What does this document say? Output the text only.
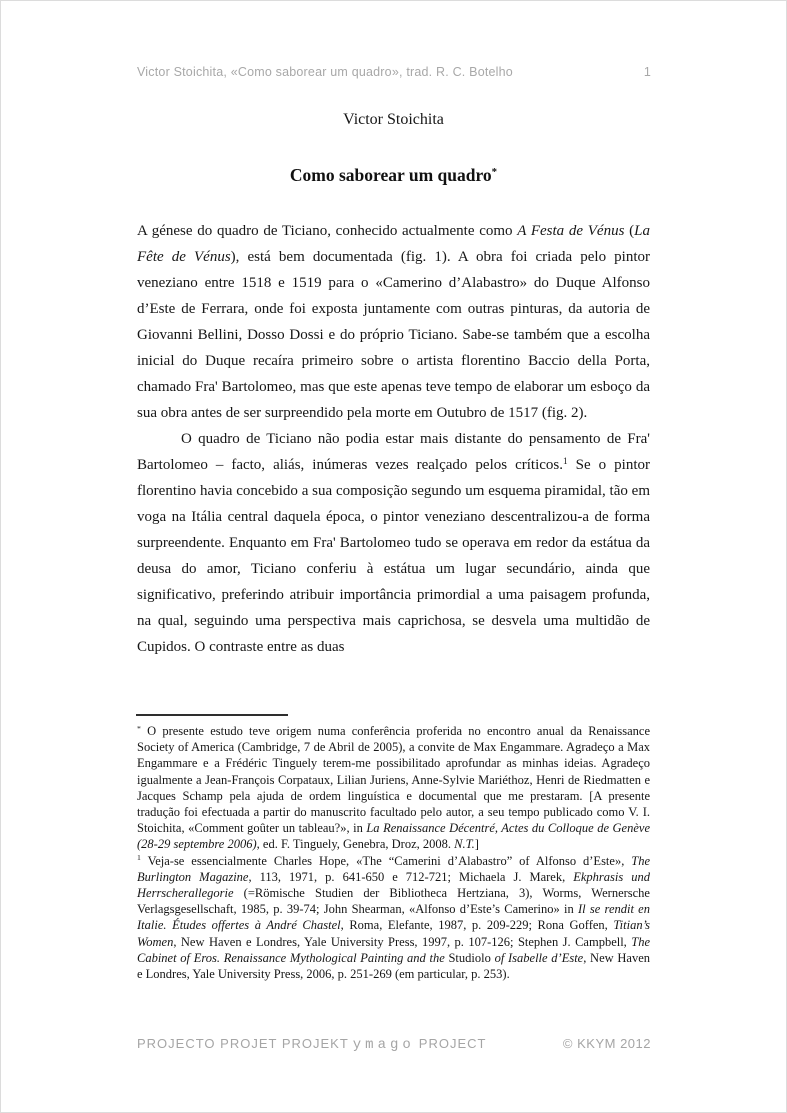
Victor Stoichita, «Como saborear um quadro», trad. R. C. Botelho	1
Victor Stoichita
Como saborear um quadro*

A génese do quadro de Ticiano, conhecido actualmente como A Festa de Vénus (La Fête de Vénus), está bem documentada (fig. 1). A obra foi criada pelo pintor veneziano entre 1518 e 1519 para o «Camerino d’Alabastro» do Duque Alfonso d’Este de Ferrara, onde foi exposta juntamente com outras pinturas, da autoria de Giovanni Bellini, Dosso Dossi e do próprio Ticiano. Sabe-se também que a escolha inicial do Duque recaíra primeiro sobre o artista florentino Baccio della Porta, chamado Fra' Bartolomeo, mas que este apenas teve tempo de elaborar um esboço da sua obra antes de ser surpreendido pela morte em Outubro de 1517 (fig. 2).

O quadro de Ticiano não podia estar mais distante do pensamento de Fra' Bartolomeo – facto, aliás, inúmeras vezes realçado pelos críticos.$^1$ Se o pintor florentino havia concebido a sua composição segundo um esquema piramidal, tão em voga na Itália central daquela época, o pintor veneziano descentralizou-a de forma surpreendente. Enquanto em Fra' Bartolomeo tudo se operava em redor da estátua da deusa do amor, Ticiano conferiu à estátua um lugar secundário, ainda que significativo, preferindo atribuir importância primordial a uma paisagem profunda, na qual, seguindo uma perspectiva mais caprichosa, se desvela uma multidão de Cupidos. O contraste entre as duas

* O presente estudo teve origem numa conferência proferida no encontro anual da Renaissance Society of America (Cambridge, 7 de Abril de 2005), a convite de Max Engammare. Agradeço a Max Engammare e a Frédéric Tinguely terem-me possibilitado aprofundar as minhas ideias. Agradeço igualmente a Jean-François Corpataux, Lilian Juriens, Anne-Sylvie Mariéthoz, Henri de Riedmatten e Jacques Schamp pela ajuda de ordem linguística e documental que me prestaram. [A presente tradução foi efectuada a partir do manuscrito facultado pelo autor, a seu tempo publicado como V. I. Stoichita, «Comment goûter un tableau?», in La Renaissance Décentré, Actes du Colloque de Genève (28-29 septembre 2006), ed. F. Tinguely, Genebra, Droz, 2008. N.T.]

$^1$ Veja-se essencialmente Charles Hope, «The “Camerini d’Alabastro” of Alfonso d’Este», The Burlington Magazine, 113, 1971, p. 641-650 e 712-721; Michaela J. Marek, Ekphrasis und Herrscherallegorie (=Römische Studien der Bibliotheca Hertziana, 3), Worms, Wernersche Verlagsgesellschaft, 1985, p. 39-74; John Shearman, «Alfonso d’Este’s Camerino» in Il se rendit en Italie. Études offertes à André Chastel, Roma, Elefante, 1987, p. 209-229; Rona Goffen, Titian’s Women, New Haven e Londres, Yale University Press, 1997, p. 107-126; Stephen J. Campbell, The Cabinet of Eros. Renaissance Mythological Painting and the Studiolo of Isabelle d’Este, New Haven e Londres, Yale University Press, 2006, p. 251-269 (em particular, p. 253).

PROJECTO PROJET PROJEKT ymago PROJECT	© KKYM 2012
